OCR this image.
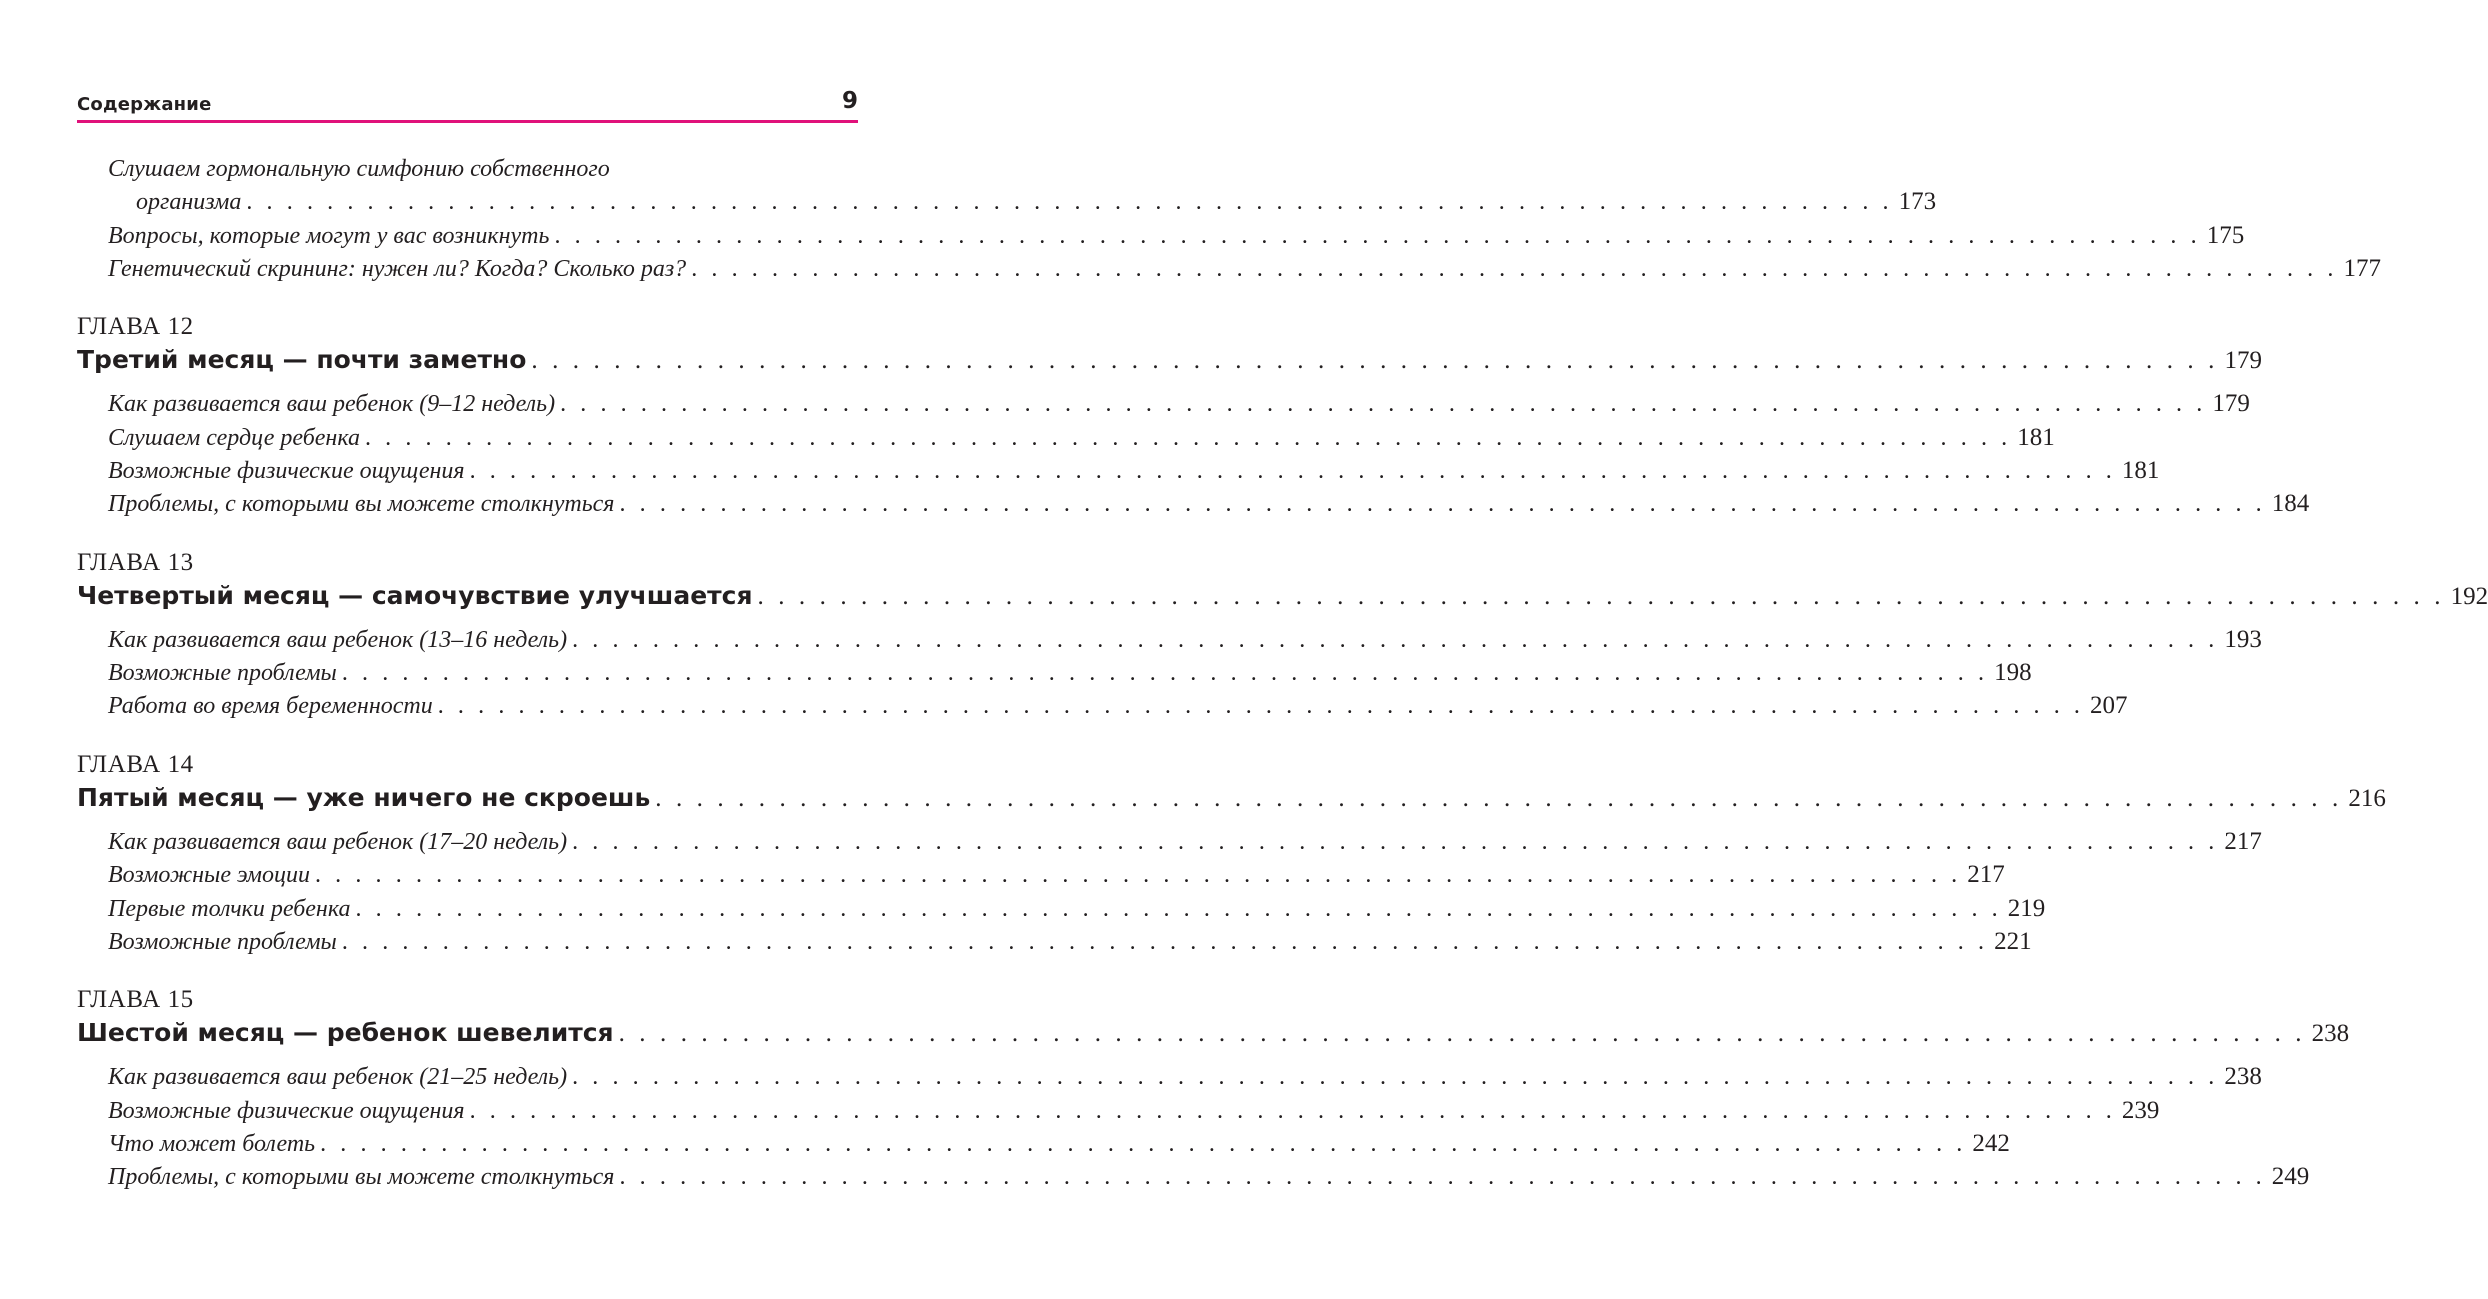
Содержание	9
Слушаем гормональную симфонию собственного
организма . . . . . . . . . . . . . . . . . . . . . . . . . . . . . . . . . . . . . . . . . . . . . . . . . . . . . . . . . . . . . . . . . . . . . . . . . . . . . . . . . . 173
Вопросы, которые могут у вас возникнуть . . . . . . . . . . . . . . . . . . . . . . . . . . . . . . . . . . . . . . . . . . . . . . . . . . . . . . . . . . . . . . . . . . . . . . . . . . . . . . . . . . 175
Генетический скрининг: нужен ли? Когда? Сколько раз? . . . . . . . . . . . . . . . . . . . . . . . . . . . . . . . . . . . . . . . . . . . . . . . . . . . . . . . . . . . . . . . . . . . . . . . . . . . . . . . . . . 177
ГЛАВА 12
Третий месяц — почти заметно . . . . . . . . . . . . . . . . . . . . . . . . . . . . . . . . . . . . . . . . . . . . . . . . . . . . . . . . . . . . . . . . . . . . . . . . . . . . . . . . . . 179
Как развивается ваш ребенок (9–12 недель) . . . . . . . . . . . . . . . . . . . . . . . . . . . . . . . . . . . . . . . . . . . . . . . . . . . . . . . . . . . . . . . . . . . . . . . . . . . . . . . . . . 179
Слушаем сердце ребенка . . . . . . . . . . . . . . . . . . . . . . . . . . . . . . . . . . . . . . . . . . . . . . . . . . . . . . . . . . . . . . . . . . . . . . . . . . . . . . . . . . 181
Возможные физические ощущения . . . . . . . . . . . . . . . . . . . . . . . . . . . . . . . . . . . . . . . . . . . . . . . . . . . . . . . . . . . . . . . . . . . . . . . . . . . . . . . . . . 181
Проблемы, с которыми вы можете столкнуться . . . . . . . . . . . . . . . . . . . . . . . . . . . . . . . . . . . . . . . . . . . . . . . . . . . . . . . . . . . . . . . . . . . . . . . . . . . . . . . . . . 184
ГЛАВА 13
Четвертый месяц — самочувствие улучшается . . . . . . . . . . . . . . . . . . . . . . . . . . . . . . . . . . . . . . . . . . . . . . . . . . . . . . . . . . . . . . . . . . . . . . . . . . . . . . . . . . 192
Как развивается ваш ребенок (13–16 недель) . . . . . . . . . . . . . . . . . . . . . . . . . . . . . . . . . . . . . . . . . . . . . . . . . . . . . . . . . . . . . . . . . . . . . . . . . . . . . . . . . . 193
Возможные проблемы . . . . . . . . . . . . . . . . . . . . . . . . . . . . . . . . . . . . . . . . . . . . . . . . . . . . . . . . . . . . . . . . . . . . . . . . . . . . . . . . . . 198
Работа во время беременности . . . . . . . . . . . . . . . . . . . . . . . . . . . . . . . . . . . . . . . . . . . . . . . . . . . . . . . . . . . . . . . . . . . . . . . . . . . . . . . . . . 207
ГЛАВА 14
Пятый месяц — уже ничего не скроешь . . . . . . . . . . . . . . . . . . . . . . . . . . . . . . . . . . . . . . . . . . . . . . . . . . . . . . . . . . . . . . . . . . . . . . . . . . . . . . . . . . 216
Как развивается ваш ребенок (17–20 недель) . . . . . . . . . . . . . . . . . . . . . . . . . . . . . . . . . . . . . . . . . . . . . . . . . . . . . . . . . . . . . . . . . . . . . . . . . . . . . . . . . . 217
Возможные эмоции . . . . . . . . . . . . . . . . . . . . . . . . . . . . . . . . . . . . . . . . . . . . . . . . . . . . . . . . . . . . . . . . . . . . . . . . . . . . . . . . . . 217
Первые толчки ребенка . . . . . . . . . . . . . . . . . . . . . . . . . . . . . . . . . . . . . . . . . . . . . . . . . . . . . . . . . . . . . . . . . . . . . . . . . . . . . . . . . . 219
Возможные проблемы . . . . . . . . . . . . . . . . . . . . . . . . . . . . . . . . . . . . . . . . . . . . . . . . . . . . . . . . . . . . . . . . . . . . . . . . . . . . . . . . . . 221
ГЛАВА 15
Шестой месяц — ребенок шевелится . . . . . . . . . . . . . . . . . . . . . . . . . . . . . . . . . . . . . . . . . . . . . . . . . . . . . . . . . . . . . . . . . . . . . . . . . . . . . . . . . . 238
Как развивается ваш ребенок (21–25 недель) . . . . . . . . . . . . . . . . . . . . . . . . . . . . . . . . . . . . . . . . . . . . . . . . . . . . . . . . . . . . . . . . . . . . . . . . . . . . . . . . . . 238
Возможные физические ощущения . . . . . . . . . . . . . . . . . . . . . . . . . . . . . . . . . . . . . . . . . . . . . . . . . . . . . . . . . . . . . . . . . . . . . . . . . . . . . . . . . . 239
Что может болеть . . . . . . . . . . . . . . . . . . . . . . . . . . . . . . . . . . . . . . . . . . . . . . . . . . . . . . . . . . . . . . . . . . . . . . . . . . . . . . . . . . 242
Проблемы, с которыми вы можете столкнуться . . . . . . . . . . . . . . . . . . . . . . . . . . . . . . . . . . . . . . . . . . . . . . . . . . . . . . . . . . . . . . . . . . . . . . . . . . . . . . . . . . 249
